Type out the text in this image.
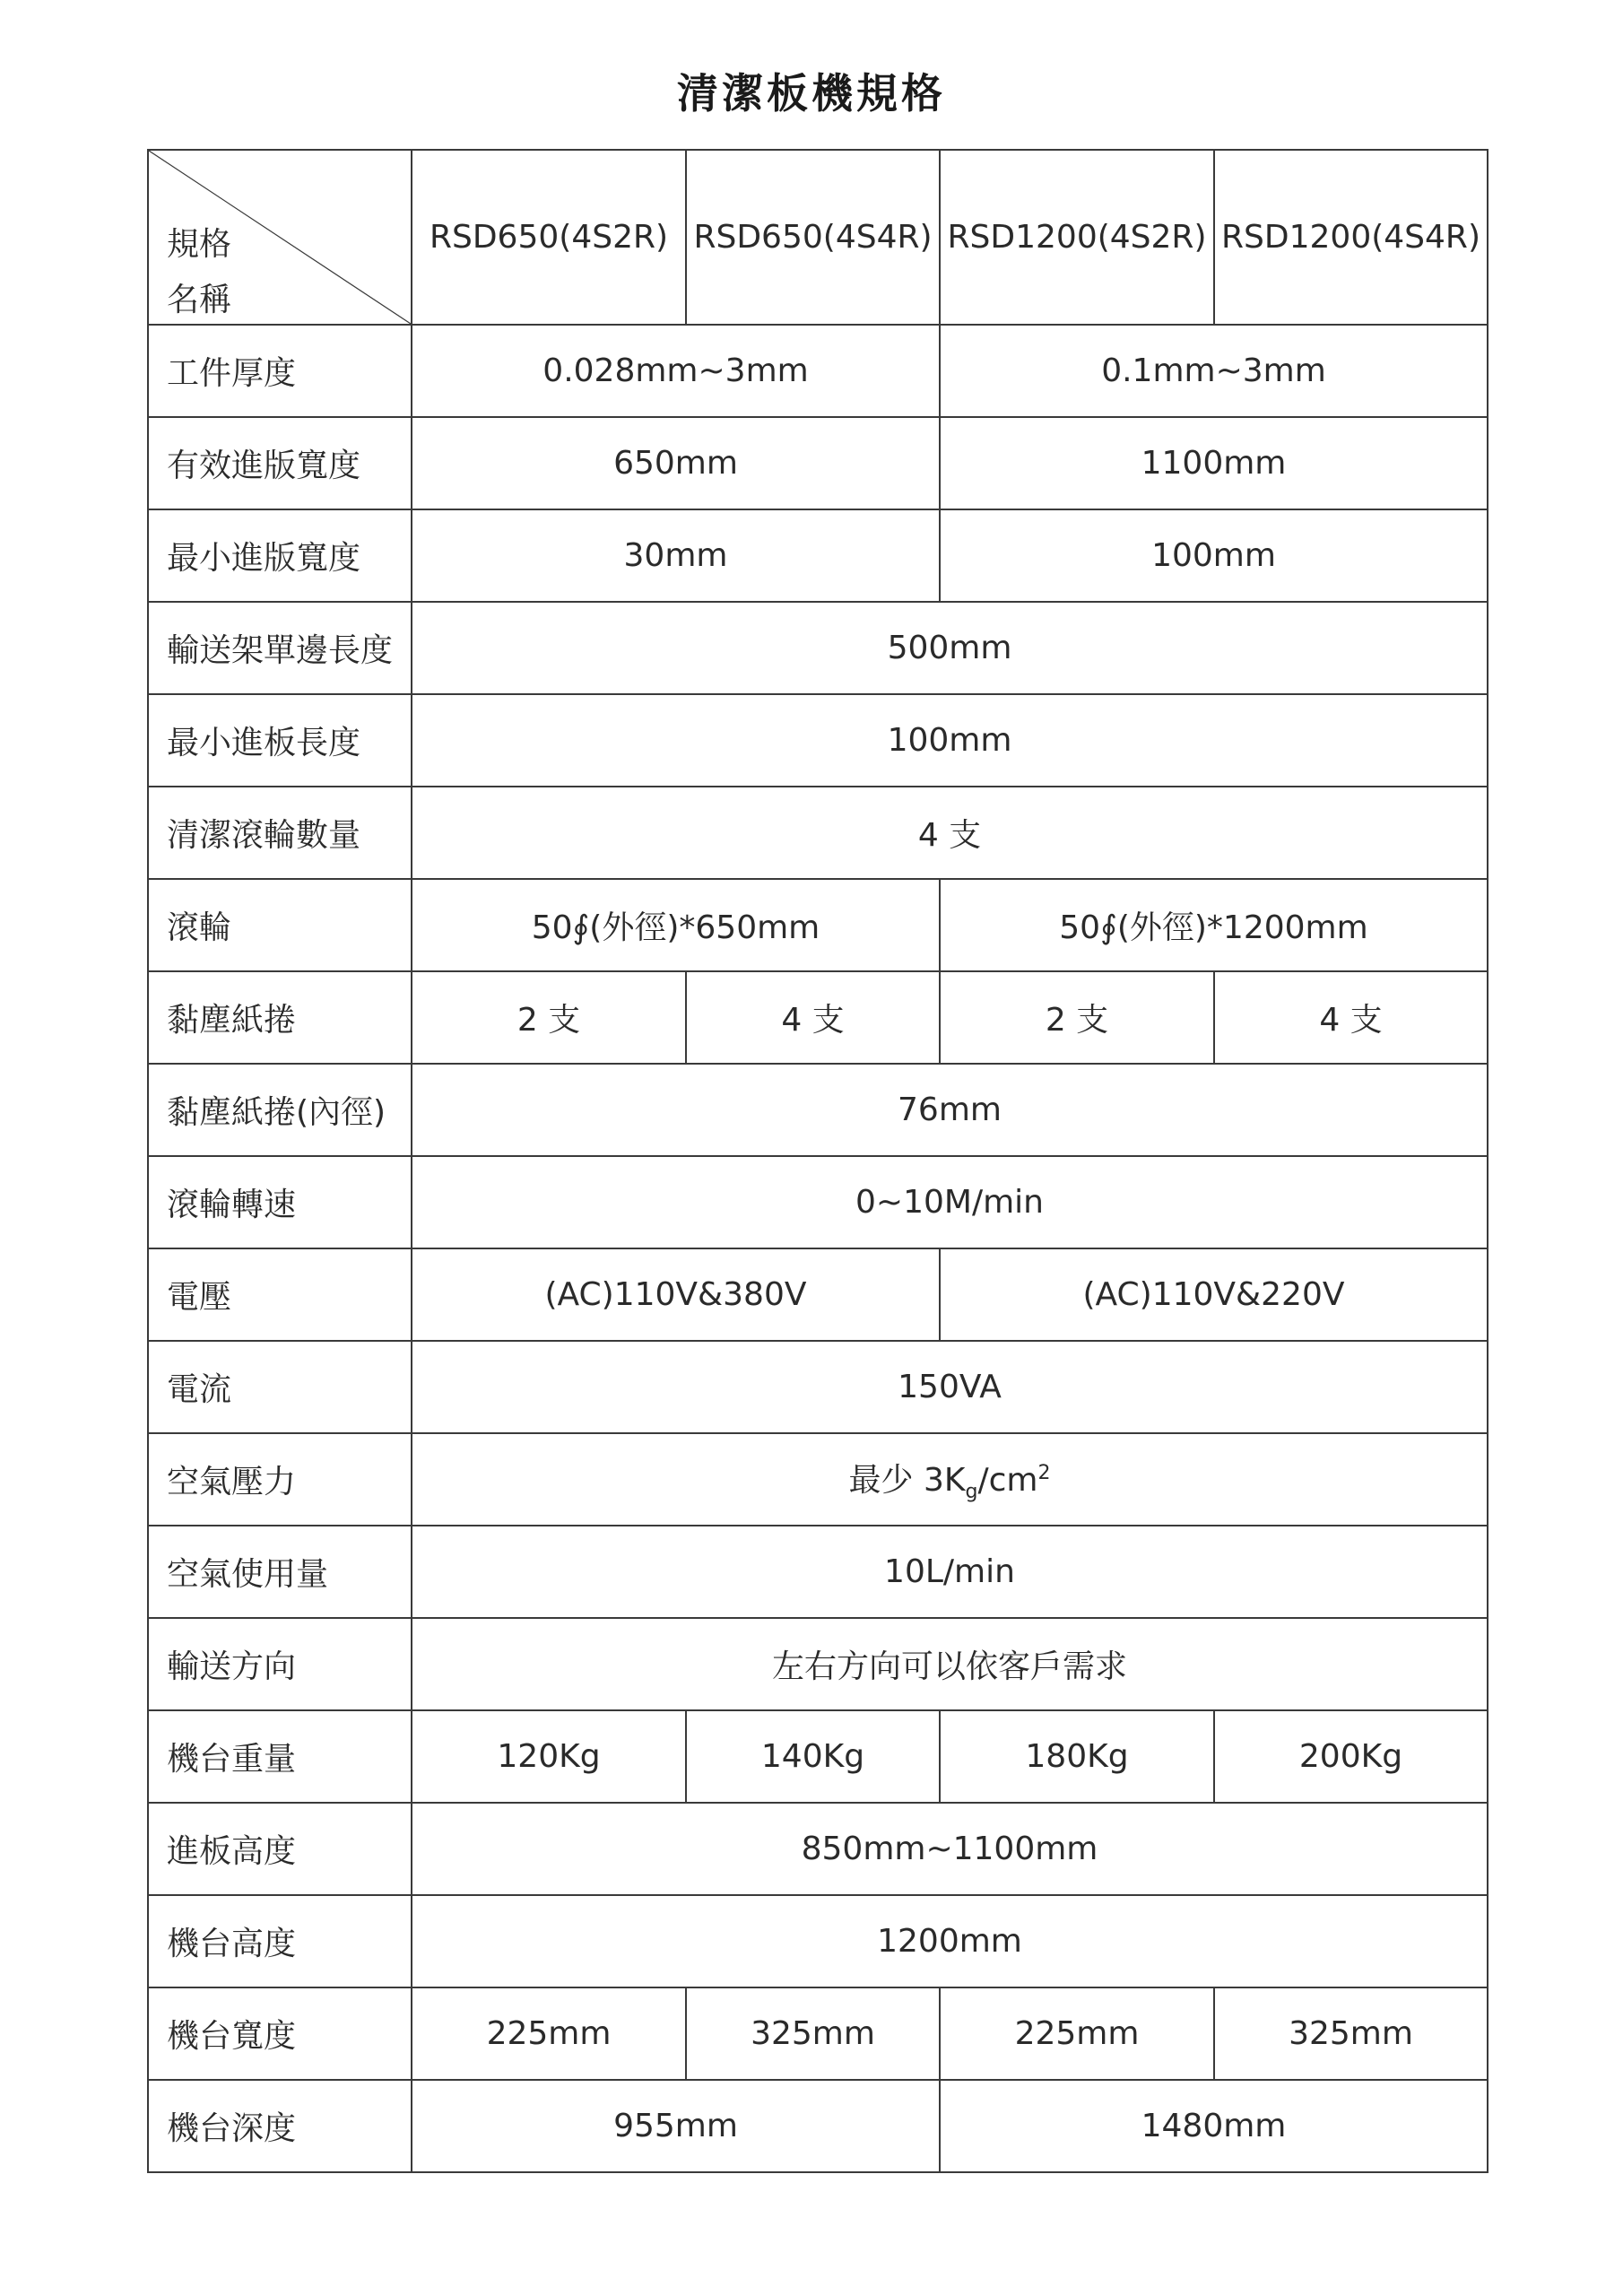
清潔板機規格
規格
名稱	RSD650(4S2R)	RSD650(4S4R)	RSD1200(4S2R)	RSD1200(4S4R)
工件厚度	0.028mm~3mm		0.1mm~3mm	
有效進版寬度	650mm		1100mm	
最小進版寬度	30mm		100mm	
輸送架單邊長度	500mm			
最小進板長度	100mm			
清潔滾輪數量	4 支			
滾輪	50∮(外徑)*650mm		50∮(外徑)*1200mm	
黏塵紙捲	2 支	4 支	2 支	4 支
黏塵紙捲(內徑)	76mm			
滾輪轉速	0~10M/min			
電壓	(AC)110V&380V		(AC)110V&220V	
電流	150VA			
空氣壓力	最少 $3K_g/cm^2$
空氣使用量	10L/min			
輸送方向	左右方向可以依客戶需求			
機台重量	120Kg	140Kg	180Kg	200Kg
進板高度	850mm~1100mm			
機台高度	1200mm			
機台寬度	225mm	325mm	225mm	325mm
機台深度	955mm		1480mm	
